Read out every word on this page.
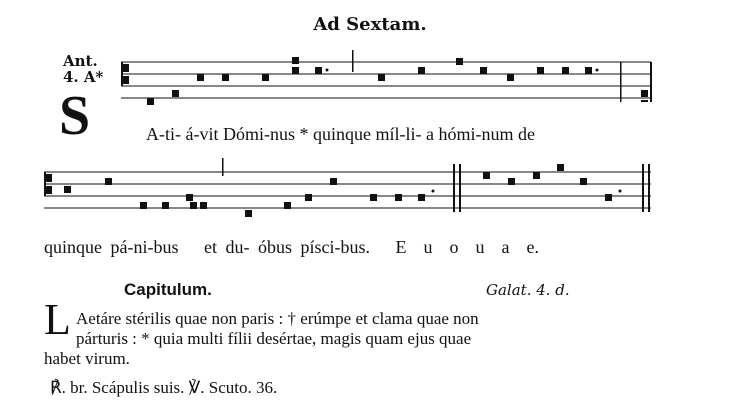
Ad Sextam.
Ant.
4. A*
S	A-ti- á-vit Dómi-nus * quinque míl-li- a hómi-num de
quinque pá-ni-bus et du- óbus písci-bus. E u o u a e.
Capitulum.	Galat. 4. d.
L Aetáre stérilis quae non paris : † erúmpe et clama quae non
párturis : * quia multi fílii desértae, magis quam ejus quae
habet virum.
℟. br. Scápulis suis. ℣. Scuto. 36.
